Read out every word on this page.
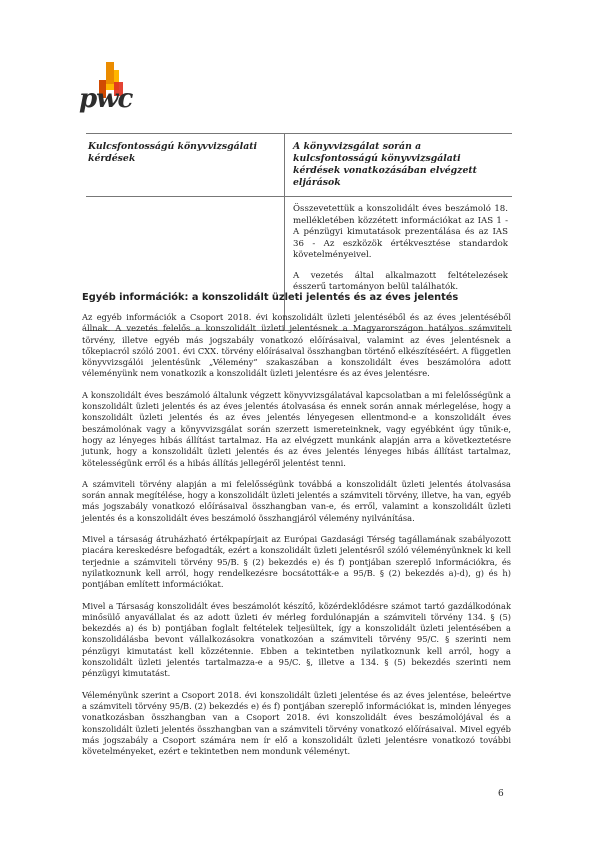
pwc
Kulcsfontosságú könyvvizsgálati kérdések
A könyvvizsgálat során a kulcsfontosságú könyvvizsgálati kérdések vonatkozásában elvégzett eljárások

Összevetettük a konszolidált éves beszámoló 18. mellékletében közzétett információkat az IAS 1 - A pénzügyi kimutatások prezentálása és az IAS 36 - Az eszközök értékvesztése standardok követelményeivel.

A vezetés által alkalmazott feltételezések ésszerű tartományon belül találhatók.

Egyéb információk: a konszolidált üzleti jelentés és az éves jelentés

Az egyéb információk a Csoport 2018. évi konszolidált üzleti jelentéséből és az éves jelentéséből állnak. A vezetés felelős a konszolidált üzleti jelentésnek a Magyarországon hatályos számviteli törvény, illetve egyéb más jogszabály vonatkozó előírásaival, valamint az éves jelentésnek a tőkepiacról szóló 2001. évi CXX. törvény előírásaival összhangban történő elkészítéséért. A független könyvvizsgálói jelentésünk „Vélemény” szakaszában a konszolidált éves beszámolóra adott véleményünk nem vonatkozik a konszolidált üzleti jelentésre és az éves jelentésre.

A konszolidált éves beszámoló általunk végzett könyvvizsgálatával kapcsolatban a mi felelősségünk a konszolidált üzleti jelentés és az éves jelentés átolvasása és ennek során annak mérlegelése, hogy a konszolidált üzleti jelentés és az éves jelentés lényegesen ellentmond-e a konszolidált éves beszámolónak vagy a könyvvizsgálat során szerzett ismereteinknek, vagy egyébként úgy tűnik-e, hogy az lényeges hibás állítást tartalmaz. Ha az elvégzett munkánk alapján arra a következtetésre jutunk, hogy a konszolidált üzleti jelentés és az éves jelentés lényeges hibás állítást tartalmaz, kötelességünk erről és a hibás állítás jellegéről jelentést tenni.

A számviteli törvény alapján a mi felelősségünk továbbá a konszolidált üzleti jelentés átolvasása során annak megítélése, hogy a konszolidált üzleti jelentés a számviteli törvény, illetve, ha van, egyéb más jogszabály vonatkozó előírásaival összhangban van-e, és erről, valamint a konszolidált üzleti jelentés és a konszolidált éves beszámoló összhangjáról vélemény nyilvánítása.

Mivel a társaság átruházható értékpapírjait az Európai Gazdasági Térség tagállamának szabályozott piacára kereskedésre befogadták, ezért a konszolidált üzleti jelentésről szóló véleményünknek ki kell terjednie a számviteli törvény 95/B. § (2) bekezdés e) és f) pontjában szereplő információkra, és nyilatkoznunk kell arról, hogy rendelkezésre bocsátották-e a 95/B. § (2) bekezdés a)-d), g) és h) pontjában említett információkat.

Mivel a Társaság konszolidált éves beszámolót készítő, közérdeklődésre számot tartó gazdálkodónak minősülő anyavállalat és az adott üzleti év mérleg fordulónapján a számviteli törvény 134. § (5) bekezdés a) és b) pontjában foglalt feltételek teljesültek, így a konszolidált üzleti jelentésében a konszolidálásba bevont vállalkozásokra vonatkozóan a számviteli törvény 95/C. § szerinti nem pénzügyi kimutatást kell közzétennie. Ebben a tekintetben nyilatkoznunk kell arról, hogy a konszolidált üzleti jelentés tartalmazza-e a 95/C. §, illetve a 134. § (5) bekezdés szerinti nem pénzügyi kimutatást.

Véleményünk szerint a Csoport 2018. évi konszolidált üzleti jelentése és az éves jelentése, beleértve a számviteli törvény 95/B. (2) bekezdés e) és f) pontjában szereplő információkat is, minden lényeges vonatkozásban összhangban van a Csoport 2018. évi konszolidált éves beszámolójával és a konszolidált üzleti jelentés összhangban van a számviteli törvény vonatkozó előírásaival. Mivel egyéb más jogszabály a Csoport számára nem ír elő a konszolidált üzleti jelentésre vonatkozó további követelményeket, ezért e tekintetben nem mondunk véleményt.

6
